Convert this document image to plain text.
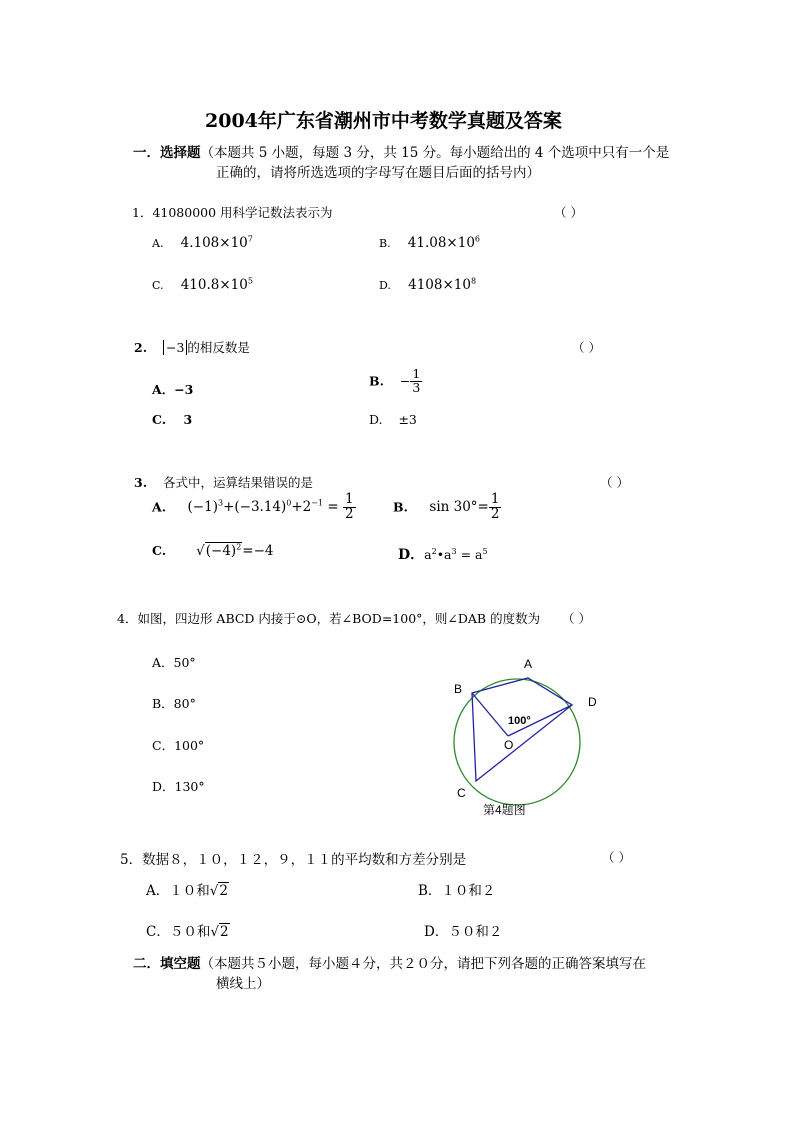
2004年广东省潮州市中考数学真题及答案
一．选择题（本题共 5 小题，每题 3 分，共 15 分。每小题给出的 4 个选项中只有一个是
正确的，请将所选选项的字母写在题目后面的括号内）
1．41080000 用科学记数法表示为	（ ）
A. $4.108\times 10^7$	B. $41.08\times 10^6$
C. $410.8\times 10^5$	D. $4108\times 10^8$
2. −3 的相反数是	（ ）
A．−3
B. − $\frac{1}{3}$
C.    3	D.    ±3
3. 各式中，运算结果错误的是	（ ）
A. $(-1)^3+(-3.14)^0+2^{-1} = \frac{1}{2}$	B. $\sin 30^\circ= \frac{1}{2}$
C. $√(-4)^2=-4$	D．$a^2•a^3 = a^5$
4．如图，四边形 ABCD 内接于⊙O，若∠BOD=100°，则∠DAB 的度数为 （ ）
A．50°
B．80°
C．100°
D．130°
A
B
C
D
O
100°
第4题图
5．数据８，１０，１２，９，１１的平均数和方差分别是	（ ）
A．１０和√2	B．１０和２
C．５０和√2	D．５０和２
二．填空题（本题共５小题，每小题４分，共２０分，请把下列各题的正确答案填写在
横线上）
